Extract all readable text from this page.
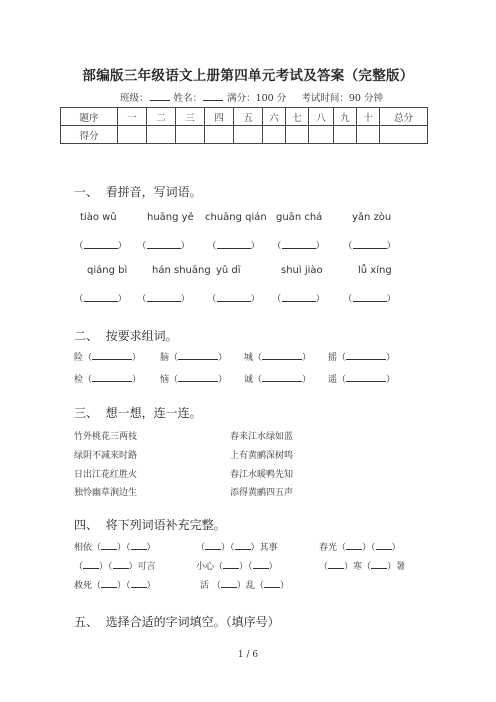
部编版三年级语文上册第四单元考试及答案（完整版）
班级：	姓名：	满分：100 分 考试时间：90 分钟
题序	一	二	三	四	五	六	七	八	九	十	总分
得分											
一、 看拼音，写词语。
tiào wǔ	huāng yě chuāng qián guān chá	yǎn zòu
（	） （	） （	） （	） （	）
qiáng bì hán shuāng yǔ dī	shuì jiào	lǚ xíng
（	） （	） （	） （	） （	）
二、 按要求组词。
险（	） 脑（	） 城（	） 摇（	）
检（	） 恼（	） 诚（	） 遥（	）
三、 想一想，连一连。
竹外桃花三两枝
绿阴不减来时路
日出江花红胜火
独怜幽草涧边生
春来江水绿如蓝
上有黄鹂深树鸣
春江水暖鸭先知
添得黄鹂四五声
四、 将下列词语补充完整。
相依（ ）（ ）	（ ）（ ）其事	春光（ ）（ ）
（ ）（ ）可言	小心（ ）（ ）	（ ）寒（ ）暑
救死（ ）（ ）	活 （ ）乱（ ）
五、 选择合适的字词填空。（填序号）
1 / 6
